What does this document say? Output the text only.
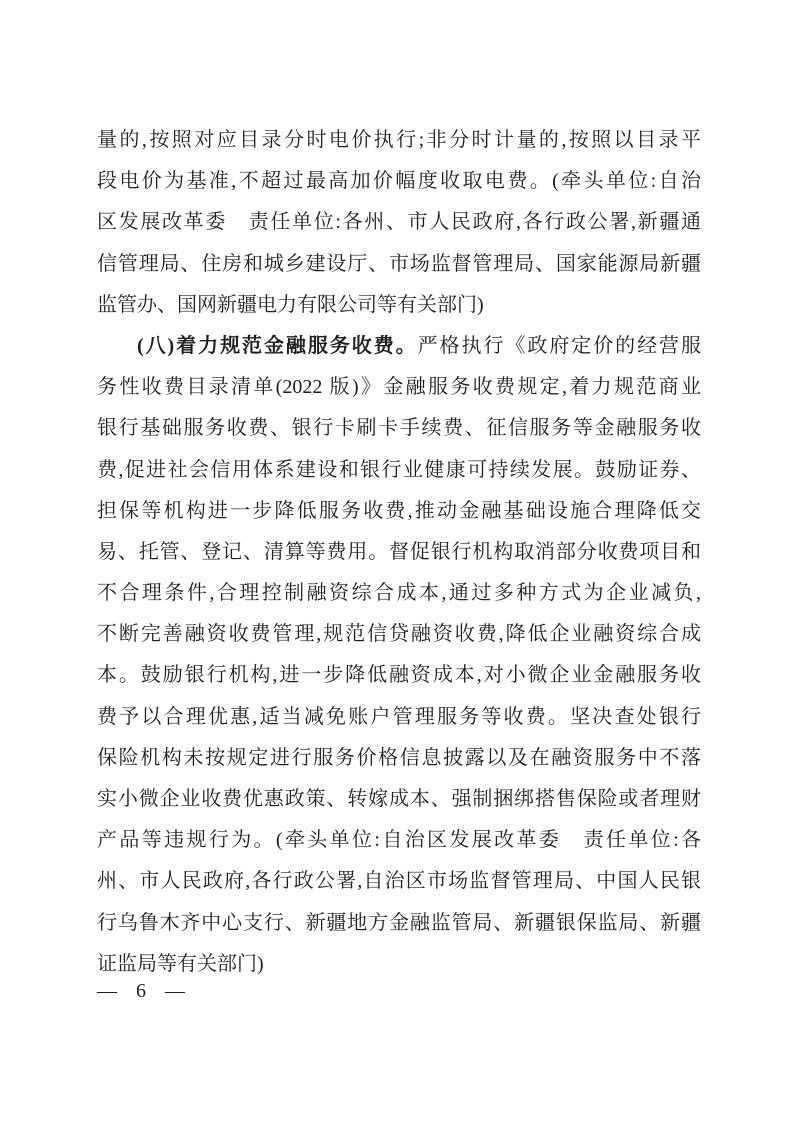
量的,按照对应目录分时电价执行;非分时计量的,按照以目录平
段电价为基准,不超过最高加价幅度收取电费。(牵头单位:自治
区发展改革委　责任单位:各州、市人民政府,各行政公署,新疆通
信管理局、住房和城乡建设厅、市场监督管理局、国家能源局新疆
监管办、国网新疆电力有限公司等有关部门)
(八)着力规范金融服务收费。严格执行《政府定价的经营服
务性收费目录清单(2022 版)》金融服务收费规定,着力规范商业
银行基础服务收费、银行卡刷卡手续费、征信服务等金融服务收
费,促进社会信用体系建设和银行业健康可持续发展。鼓励证券、
担保等机构进一步降低服务收费,推动金融基础设施合理降低交
易、托管、登记、清算等费用。督促银行机构取消部分收费项目和
不合理条件,合理控制融资综合成本,通过多种方式为企业减负,
不断完善融资收费管理,规范信贷融资收费,降低企业融资综合成
本。鼓励银行机构,进一步降低融资成本,对小微企业金融服务收
费予以合理优惠,适当减免账户管理服务等收费。坚决查处银行
保险机构未按规定进行服务价格信息披露以及在融资服务中不落
实小微企业收费优惠政策、转嫁成本、强制捆绑搭售保险或者理财
产品等违规行为。(牵头单位:自治区发展改革委　责任单位:各
州、市人民政府,各行政公署,自治区市场监督管理局、中国人民银
行乌鲁木齐中心支行、新疆地方金融监管局、新疆银保监局、新疆
证监局等有关部门)
— 6 —
